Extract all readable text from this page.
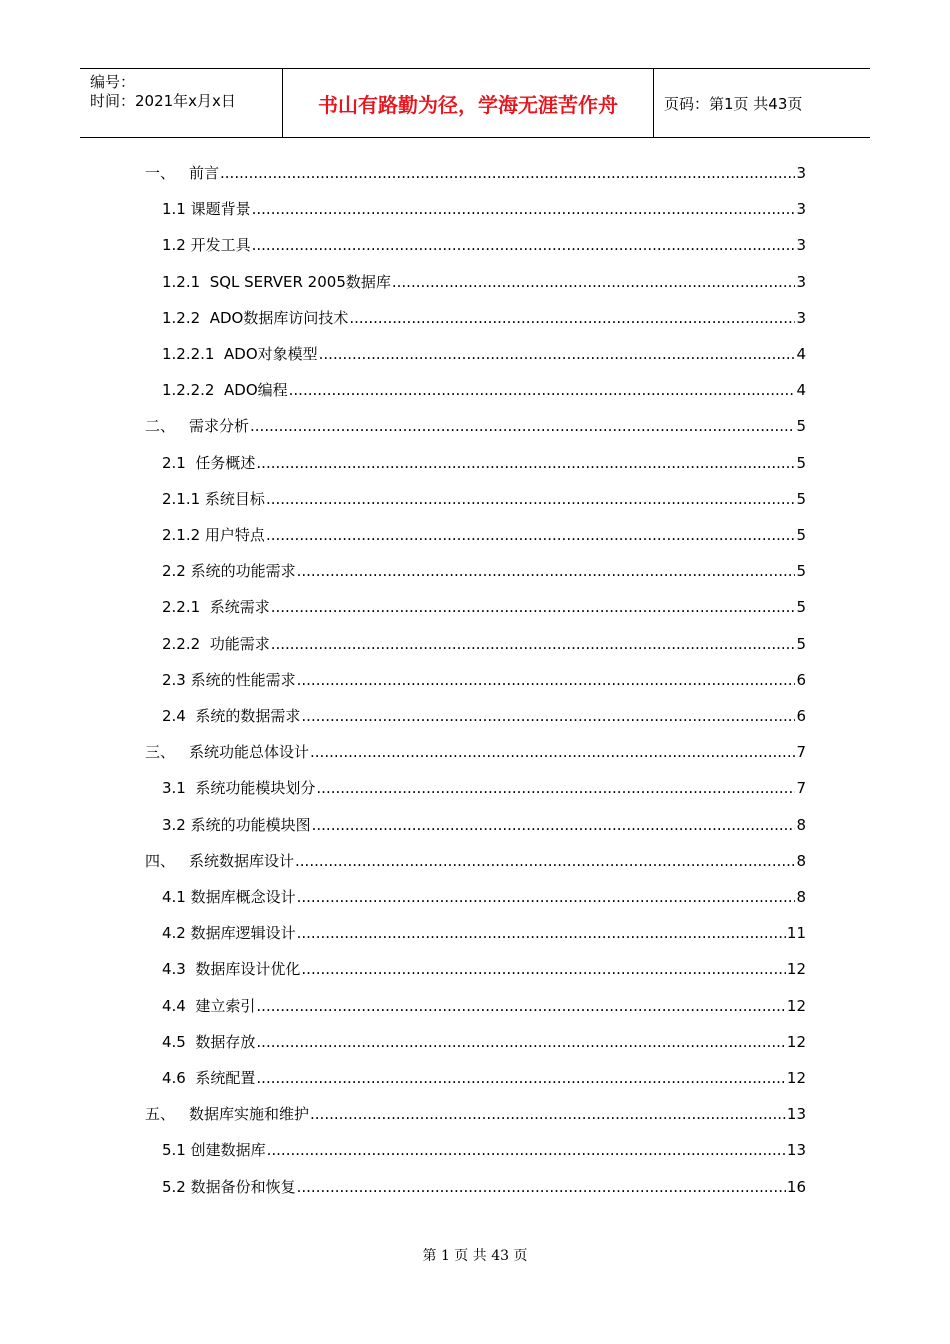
编号：
时间：2021年x月x日	书山有路勤为径，学海无涯苦作舟	页码：第1页 共43页
一、 前言 .....	3
1.1 课题背景 .....	3
1.2 开发工具 .....	3
1.2.1  SQL SERVER 2005数据库 .....	3
1.2.2  ADO数据库访问技术 .....	3
1.2.2.1  ADO对象模型 .....	4
1.2.2.2  ADO编程 .....	4
二、 需求分析 .....	5
2.1  任务概述 .....	5
2.1.1 系统目标 .....	5
2.1.2 用户特点 .....	5
2.2 系统的功能需求 .....	5
2.2.1  系统需求 .....	5
2.2.2  功能需求 .....	5
2.3 系统的性能需求 .....	6
2.4  系统的数据需求 .....	6
三、 系统功能总体设计 .....	7
3.1  系统功能模块划分 .....	7
3.2 系统的功能模块图 .....	8
四、 系统数据库设计 .....	8
4.1 数据库概念设计 .....	8
4.2 数据库逻辑设计 .....	11
4.3  数据库设计优化 .....	12
4.4  建立索引 .....	12
4.5  数据存放 .....	12
4.6  系统配置 .....	12
五、 数据库实施和维护 .....	13
5.1 创建数据库 .....	13
5.2 数据备份和恢复 .....	16
第 1 页 共 43 页
